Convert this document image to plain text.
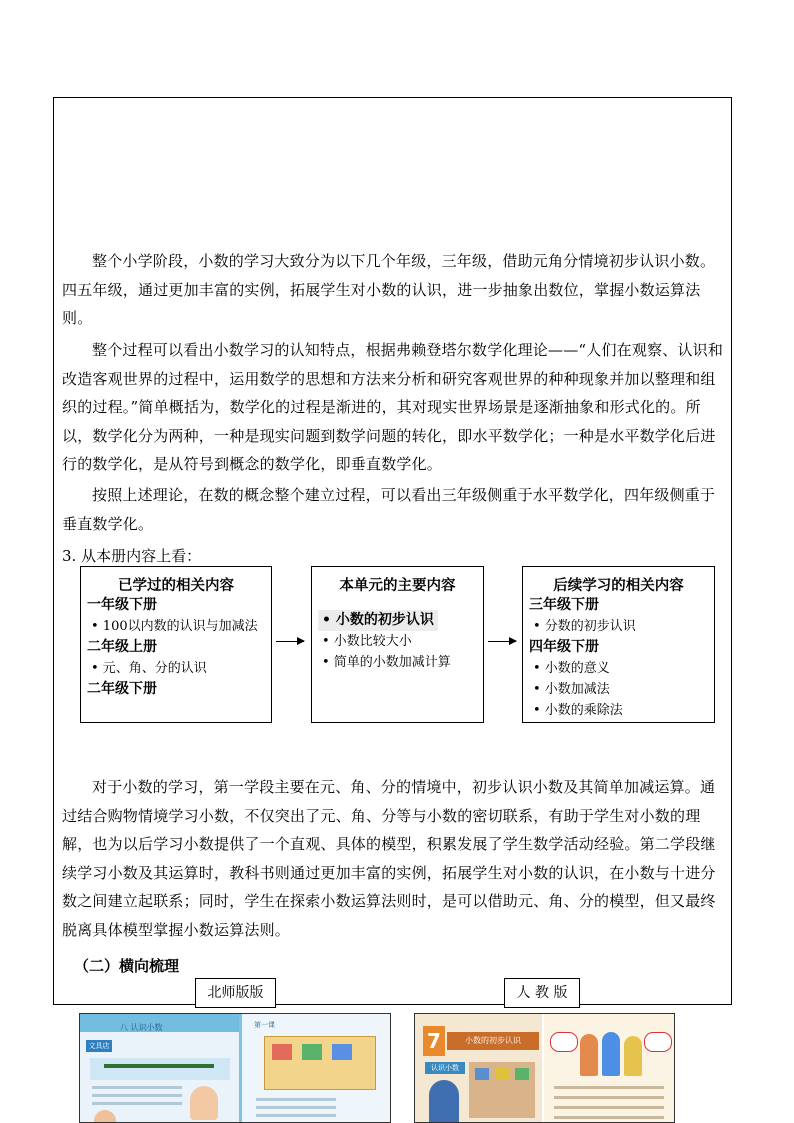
整个小学阶段，小数的学习大致分为以下几个年级，三年级，借助元角分情境初步认识小数。四五年级，通过更加丰富的实例，拓展学生对小数的认识，进一步抽象出数位，掌握小数运算法则。

整个过程可以看出小数学习的认知特点，根据弗赖登塔尔数学化理论——“人们在观察、认识和改造客观世界的过程中，运用数学的思想和方法来分析和研究客观世界的种种现象并加以整理和组织的过程。”简单概括为，数学化的过程是渐进的，其对现实世界场景是逐渐抽象和形式化的。所以，数学化分为两种，一种是现实问题到数学问题的转化，即水平数学化；一种是水平数学化后进行的数学化，是从符号到概念的数学化，即垂直数学化。

按照上述理论，在数的概念整个建立过程，可以看出三年级侧重于水平数学化，四年级侧重于垂直数学化。

3. 从本册内容上看：

已学过的相关内容
一年级下册
• 100以内数的认识与加减法
二年级上册
• 元、角、分的认识
二年级下册
本单元的主要内容
• 小数的初步认识
• 小数比较大小
• 简单的小数加减计算
后续学习的相关内容
三年级下册
• 分数的初步认识
四年级下册
• 小数的意义
• 小数加减法
• 小数的乘除法

对于小数的学习，第一学段主要在元、角、分的情境中，初步认识小数及其简单加减运算。通过结合购物情境学习小数，不仅突出了元、角、分等与小数的密切联系，有助于学生对小数的理解，也为以后学习小数提供了一个直观、具体的模型，积累发展了学生数学活动经验。第二学段继续学习小数及其运算时，教科书则通过更加丰富的实例，拓展学生对小数的认识，在小数与十进分数之间建立起联系；同时，学生在探索小数运算法则时，是可以借助元、角、分的模型，但又最终脱离具体模型掌握小数运算法则。

（二）横向梳理

北师版版	人 教 版
八 认识小数
文具店
第一课
7	小数的初步认识
认识小数
